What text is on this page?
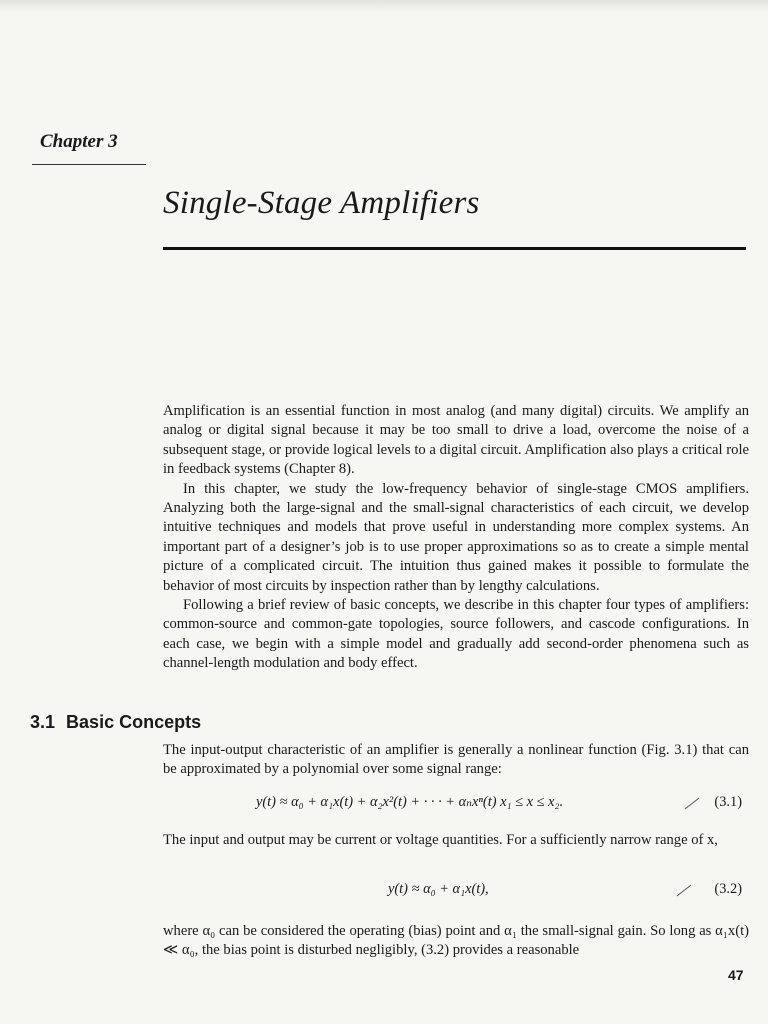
Chapter 3
Single-Stage Amplifiers

Amplification is an essential function in most analog (and many digital) circuits. We amplify an analog or digital signal because it may be too small to drive a load, overcome the noise of a subsequent stage, or provide logical levels to a digital circuit. Amplification also plays a critical role in feedback systems (Chapter 8).

In this chapter, we study the low-frequency behavior of single-stage CMOS amplifiers. Analyzing both the large-signal and the small-signal characteristics of each circuit, we develop intuitive techniques and models that prove useful in understanding more complex systems. An important part of a designer’s job is to use proper approximations so as to create a simple mental picture of a complicated circuit. The intuition thus gained makes it possible to formulate the behavior of most circuits by inspection rather than by lengthy calculations.

Following a brief review of basic concepts, we describe in this chapter four types of amplifiers: common-source and common-gate topologies, source followers, and cascode configurations. In each case, we begin with a simple model and gradually add second-order phenomena such as channel-length modulation and body effect.

3.1 Basic Concepts

The input-output characteristic of an amplifier is generally a nonlinear function (Fig. 3.1) that can be approximated by a polynomial over some signal range:

y(t) ≈ α₀ + α₁x(t) + α₂x²(t) + · · · + αₙxⁿ(t) x₁ ≤ x ≤ x₂.	(3.1)

The input and output may be current or voltage quantities. For a sufficiently narrow range of x,

y(t) ≈ α₀ + α₁x(t),	(3.2)

where α₀ can be considered the operating (bias) point and α₁ the small-signal gain. So long as α₁x(t) ≪ α₀, the bias point is disturbed negligibly, (3.2) provides a reasonable

47
